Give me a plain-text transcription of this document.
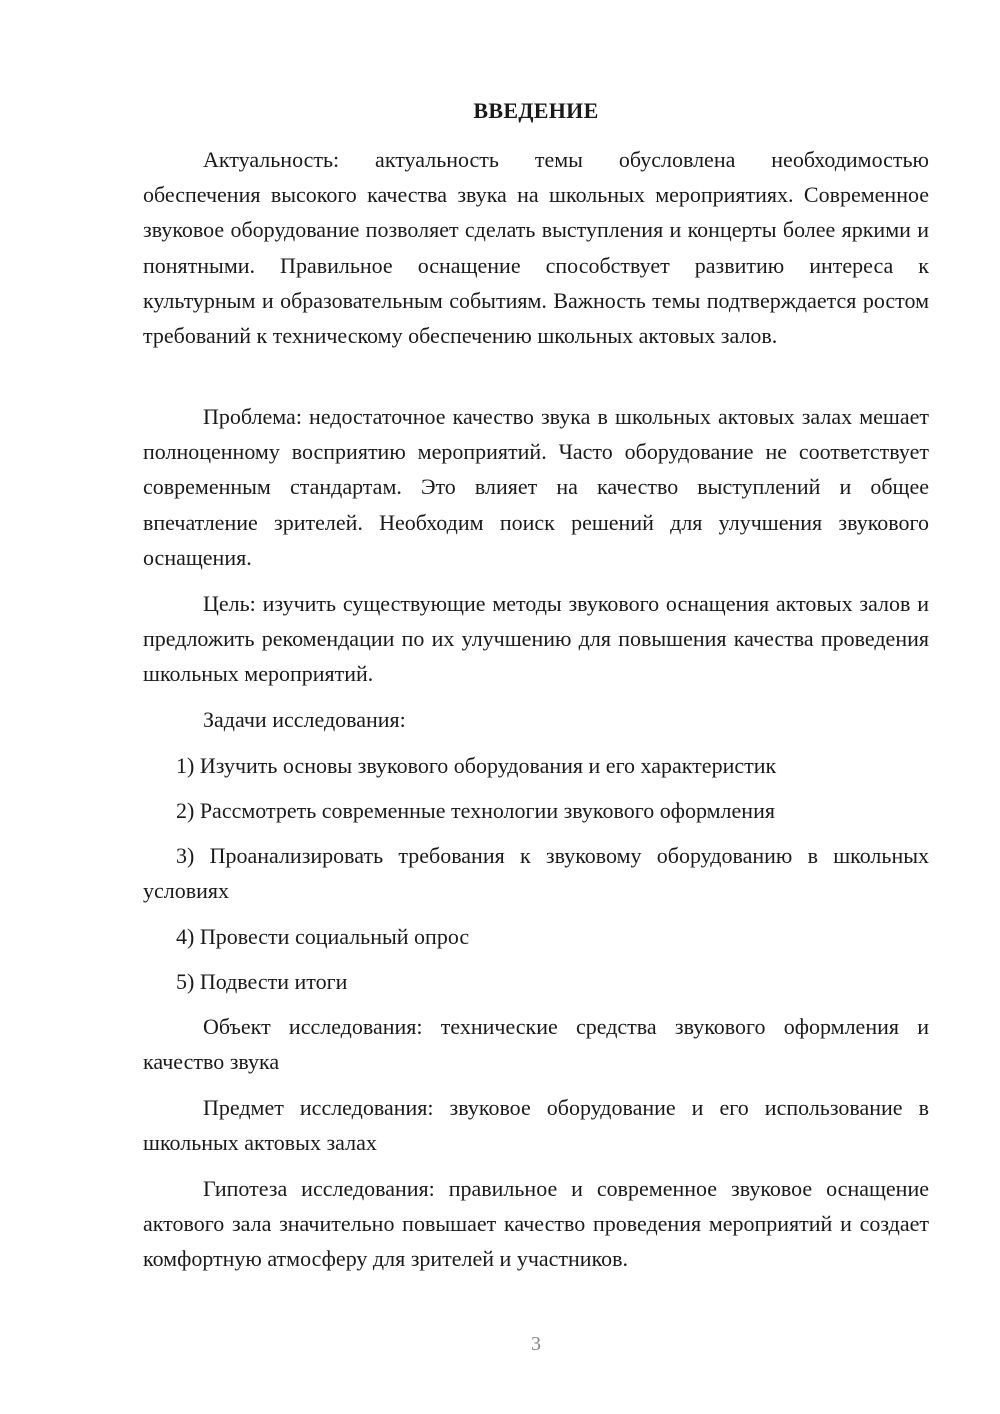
ВВЕДЕНИЕ

Актуальность: актуальность темы обусловлена необходимостью обеспечения высокого качества звука на школьных мероприятиях. Современное звуковое оборудование позволяет сделать выступления и концерты более яркими и понятными. Правильное оснащение способствует развитию интереса к культурным и образовательным событиям. Важность темы подтверждается ростом требований к техническому обеспечению школьных актовых залов.

Проблема: недостаточное качество звука в школьных актовых залах мешает полноценному восприятию мероприятий. Часто оборудование не соответствует современным стандартам. Это влияет на качество выступлений и общее впечатление зрителей. Необходим поиск решений для улучшения звукового оснащения.

Цель: изучить существующие методы звукового оснащения актовых залов и предложить рекомендации по их улучшению для повышения качества проведения школьных мероприятий.

Задачи исследования:

1) Изучить основы звукового оборудования и его характеристик

2) Рассмотреть современные технологии звукового оформления

3) Проанализировать требования к звуковому оборудованию в школьных условиях

4) Провести социальный опрос

5) Подвести итоги

Объект исследования: технические средства звукового оформления и качество звука

Предмет исследования: звуковое оборудование и его использование в школьных актовых залах

Гипотеза исследования: правильное и современное звуковое оснащение актового зала значительно повышает качество проведения мероприятий и создает комфортную атмосферу для зрителей и участников.

3
